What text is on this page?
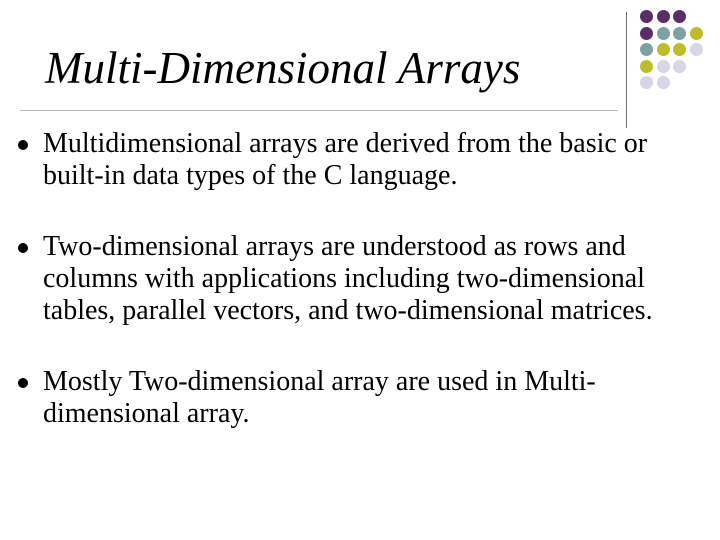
Multi-Dimensional Arrays
Multidimensional arrays are derived from the basic or built-in data types of the C language.
Two-dimensional arrays are understood as rows and columns with applications including two-dimensional tables, parallel vectors, and two-dimensional matrices.
Mostly Two-dimensional array are used in Multi-dimensional array.
